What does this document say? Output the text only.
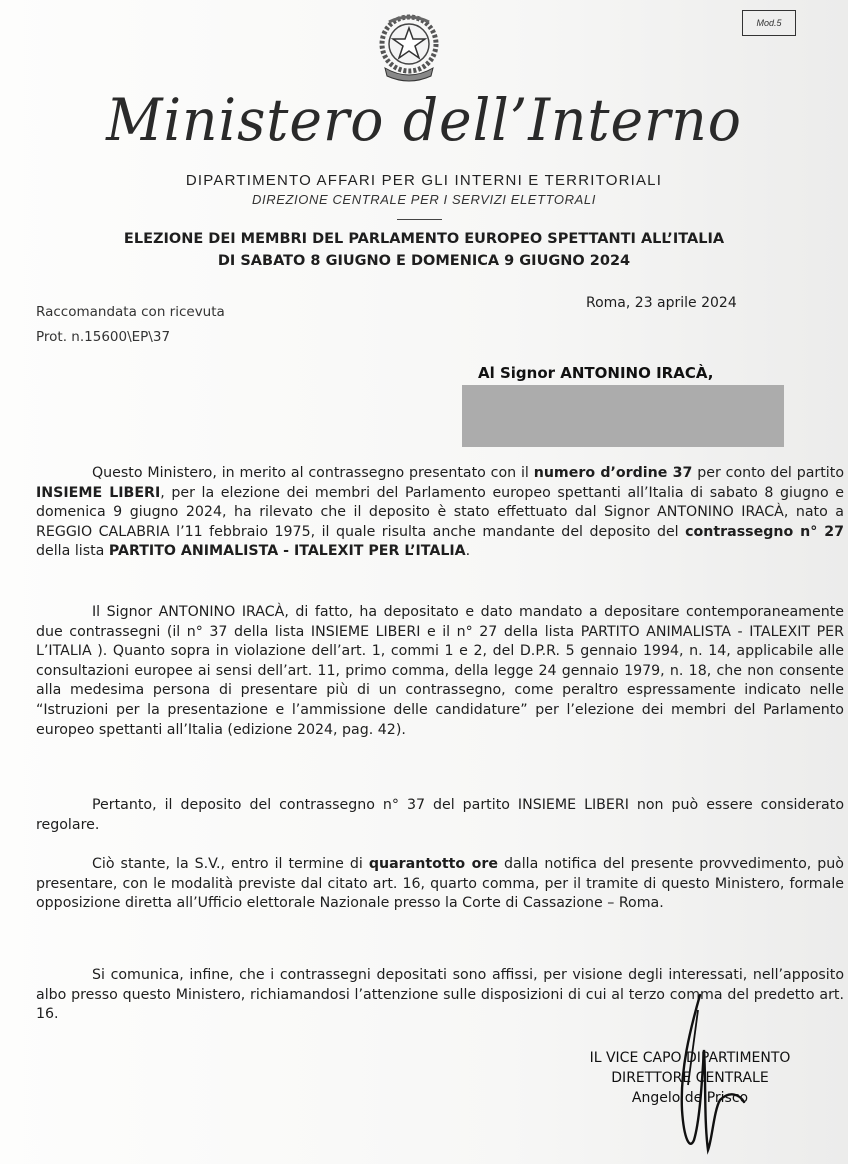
Mod.5
Ministero dell’Interno
DIPARTIMENTO AFFARI PER GLI INTERNI E TERRITORIALI
DIREZIONE CENTRALE PER I SERVIZI ELETTORALI
ELEZIONE DEI MEMBRI DEL PARLAMENTO EUROPEO SPETTANTI ALL’ITALIA
DI SABATO 8 GIUGNO E DOMENICA 9 GIUGNO 2024
Raccomandata con ricevuta
Prot. n.15600\EP\37
Roma, 23 aprile 2024
Al Signor ANTONINO IRACÀ,

Questo Ministero, in merito al contrassegno presentato con il numero d’ordine 37 per conto del partito INSIEME LIBERI, per la elezione dei membri del Parlamento europeo spettanti all’Italia di sabato 8 giugno e domenica 9 giugno 2024, ha rilevato che il deposito è stato effettuato dal Signor ANTONINO IRACÀ, nato a REGGIO CALABRIA l’11 febbraio 1975, il quale risulta anche mandante del deposito del contrassegno n° 27 della lista PARTITO ANIMALISTA - ITALEXIT PER L’ITALIA.

Il Signor ANTONINO IRACÀ, di fatto, ha depositato e dato mandato a depositare contemporaneamente due contrassegni (il n° 37 della lista INSIEME LIBERI e il n° 27 della lista PARTITO ANIMALISTA - ITALEXIT PER L’ITALIA ). Quanto sopra in violazione dell’art. 1, commi 1 e 2, del D.P.R. 5 gennaio 1994, n. 14, applicabile alle consultazioni europee ai sensi dell’art. 11, primo comma, della legge 24 gennaio 1979, n. 18, che non consente alla medesima persona di presentare più di un contrassegno, come peraltro espressamente indicato nelle “Istruzioni per la presentazione e l’ammissione delle candidature” per l’elezione dei membri del Parlamento europeo spettanti all’Italia (edizione 2024, pag. 42).

Pertanto, il deposito del contrassegno n° 37 del partito INSIEME LIBERI non può essere considerato regolare.

Ciò stante, la S.V., entro il termine di quarantotto ore dalla notifica del presente provvedimento, può presentare, con le modalità previste dal citato art. 16, quarto comma, per il tramite di questo Ministero, formale opposizione diretta all’Ufficio elettorale Nazionale presso la Corte di Cassazione – Roma.

Si comunica, infine, che i contrassegni depositati sono affissi, per visione degli interessati, nell’apposito albo presso questo Ministero, richiamandosi l’attenzione sulle disposizioni di cui al terzo comma del predetto art. 16.

IL VICE CAPO DIPARTIMENTO
DIRETTORE CENTRALE
Angelo de Prisco
